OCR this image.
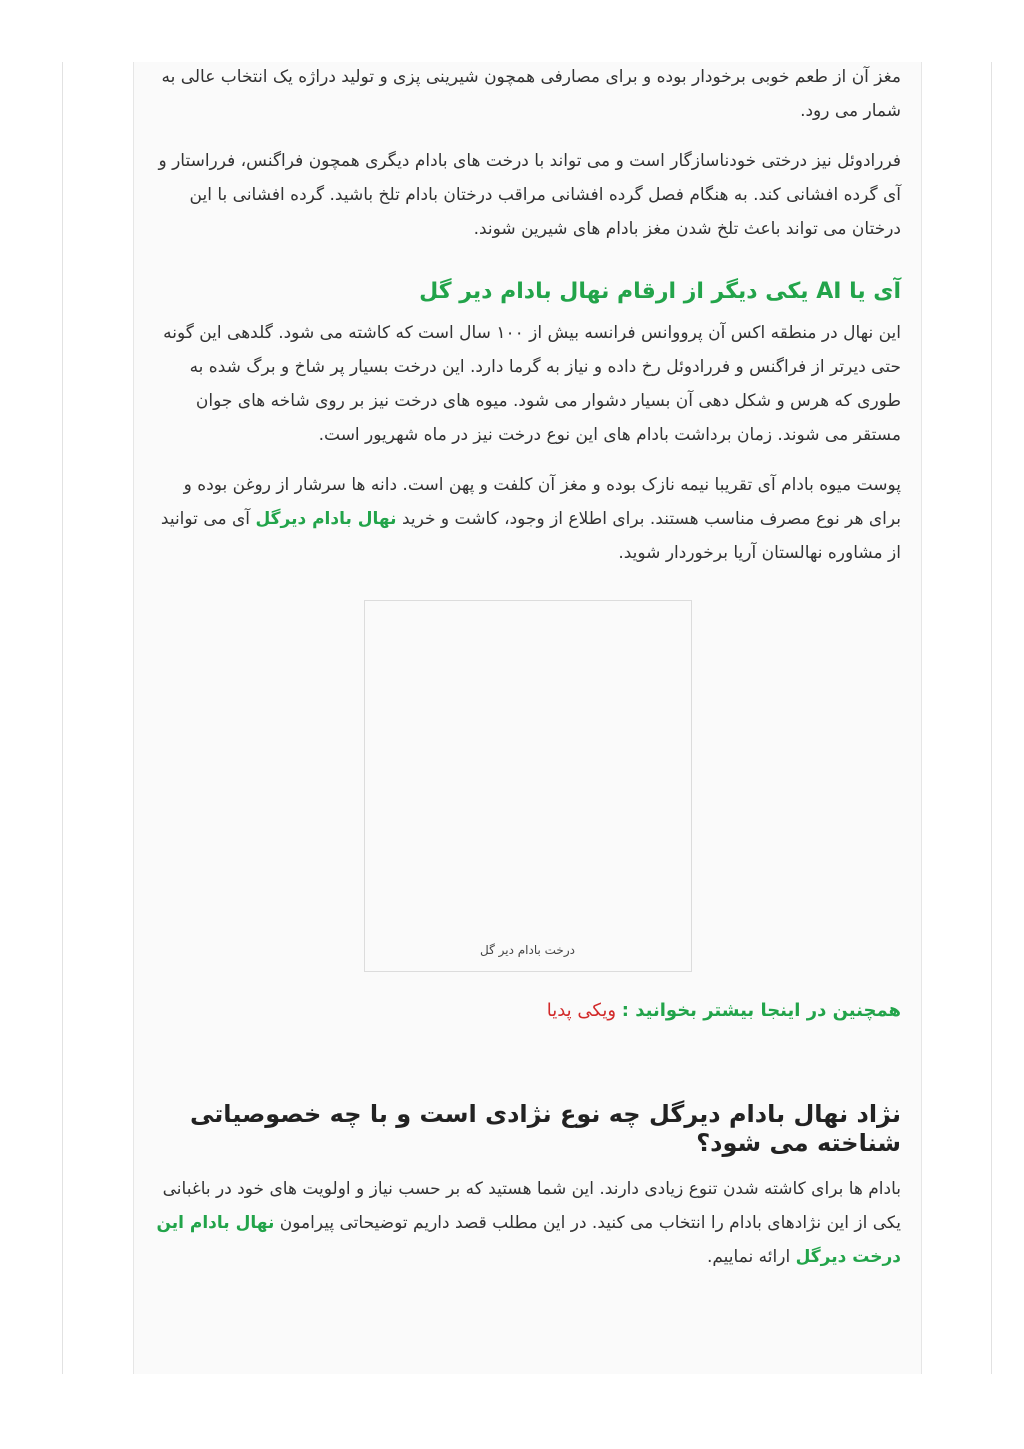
مغز آن از طعم خوبی برخودار بوده و برای مصارفی همچون شیرینی پزی و تولید دراژه یک انتخاب عالی به شمار می رود.

فررادوئل نیز درختی خودناسازگار است و می تواند با درخت های بادام دیگری همچون فراگنس، فرراستار و آی گرده افشانی کند. به هنگام فصل گرده افشانی مراقب درختان بادام تلخ باشید. گرده افشانی با این درختان می تواند باعث تلخ شدن مغز بادام های شیرین شوند.

آی یا AI یکی دیگر از ارقام نهال بادام دیر گل

این نهال در منطقه اکس آن پرووانس فرانسه بیش از ۱۰۰ سال است که کاشته می شود. گلدهی این گونه حتی دیرتر از فراگنس و فررادوئل رخ داده و نیاز به گرما دارد. این درخت بسیار پر شاخ و برگ شده به طوری که هرس و شکل دهی آن بسیار دشوار می شود. میوه های درخت نیز بر روی شاخه های جوان مستقر می شوند. زمان برداشت بادام های این نوع درخت نیز در ماه شهریور است.

پوست میوه بادام آی تقریبا نیمه نازک بوده و مغز آن کلفت و پهن است. دانه ها سرشار از روغن بوده و برای هر نوع مصرف مناسب هستند. برای اطلاع از وجود، کاشت و خرید نهال بادام دیرگل آی می توانید از مشاوره نهالستان آریا برخوردار شوید.

درخت بادام دیر گل
همچنین در اینجا بیشتر بخوانید : ویکی پدیا
نژاد نهال بادام دیرگل چه نوع نژادی است و با چه خصوصیاتی شناخته می شود؟

بادام ها برای کاشته شدن تنوع زیادی دارند. این شما هستید که بر حسب نیاز و اولویت های خود در باغبانی یکی از این نژادهای بادام را انتخاب می کنید. در این مطلب قصد داریم توضیحاتی پیرامون نهال بادام این درخت دیرگل ارائه نماییم.
